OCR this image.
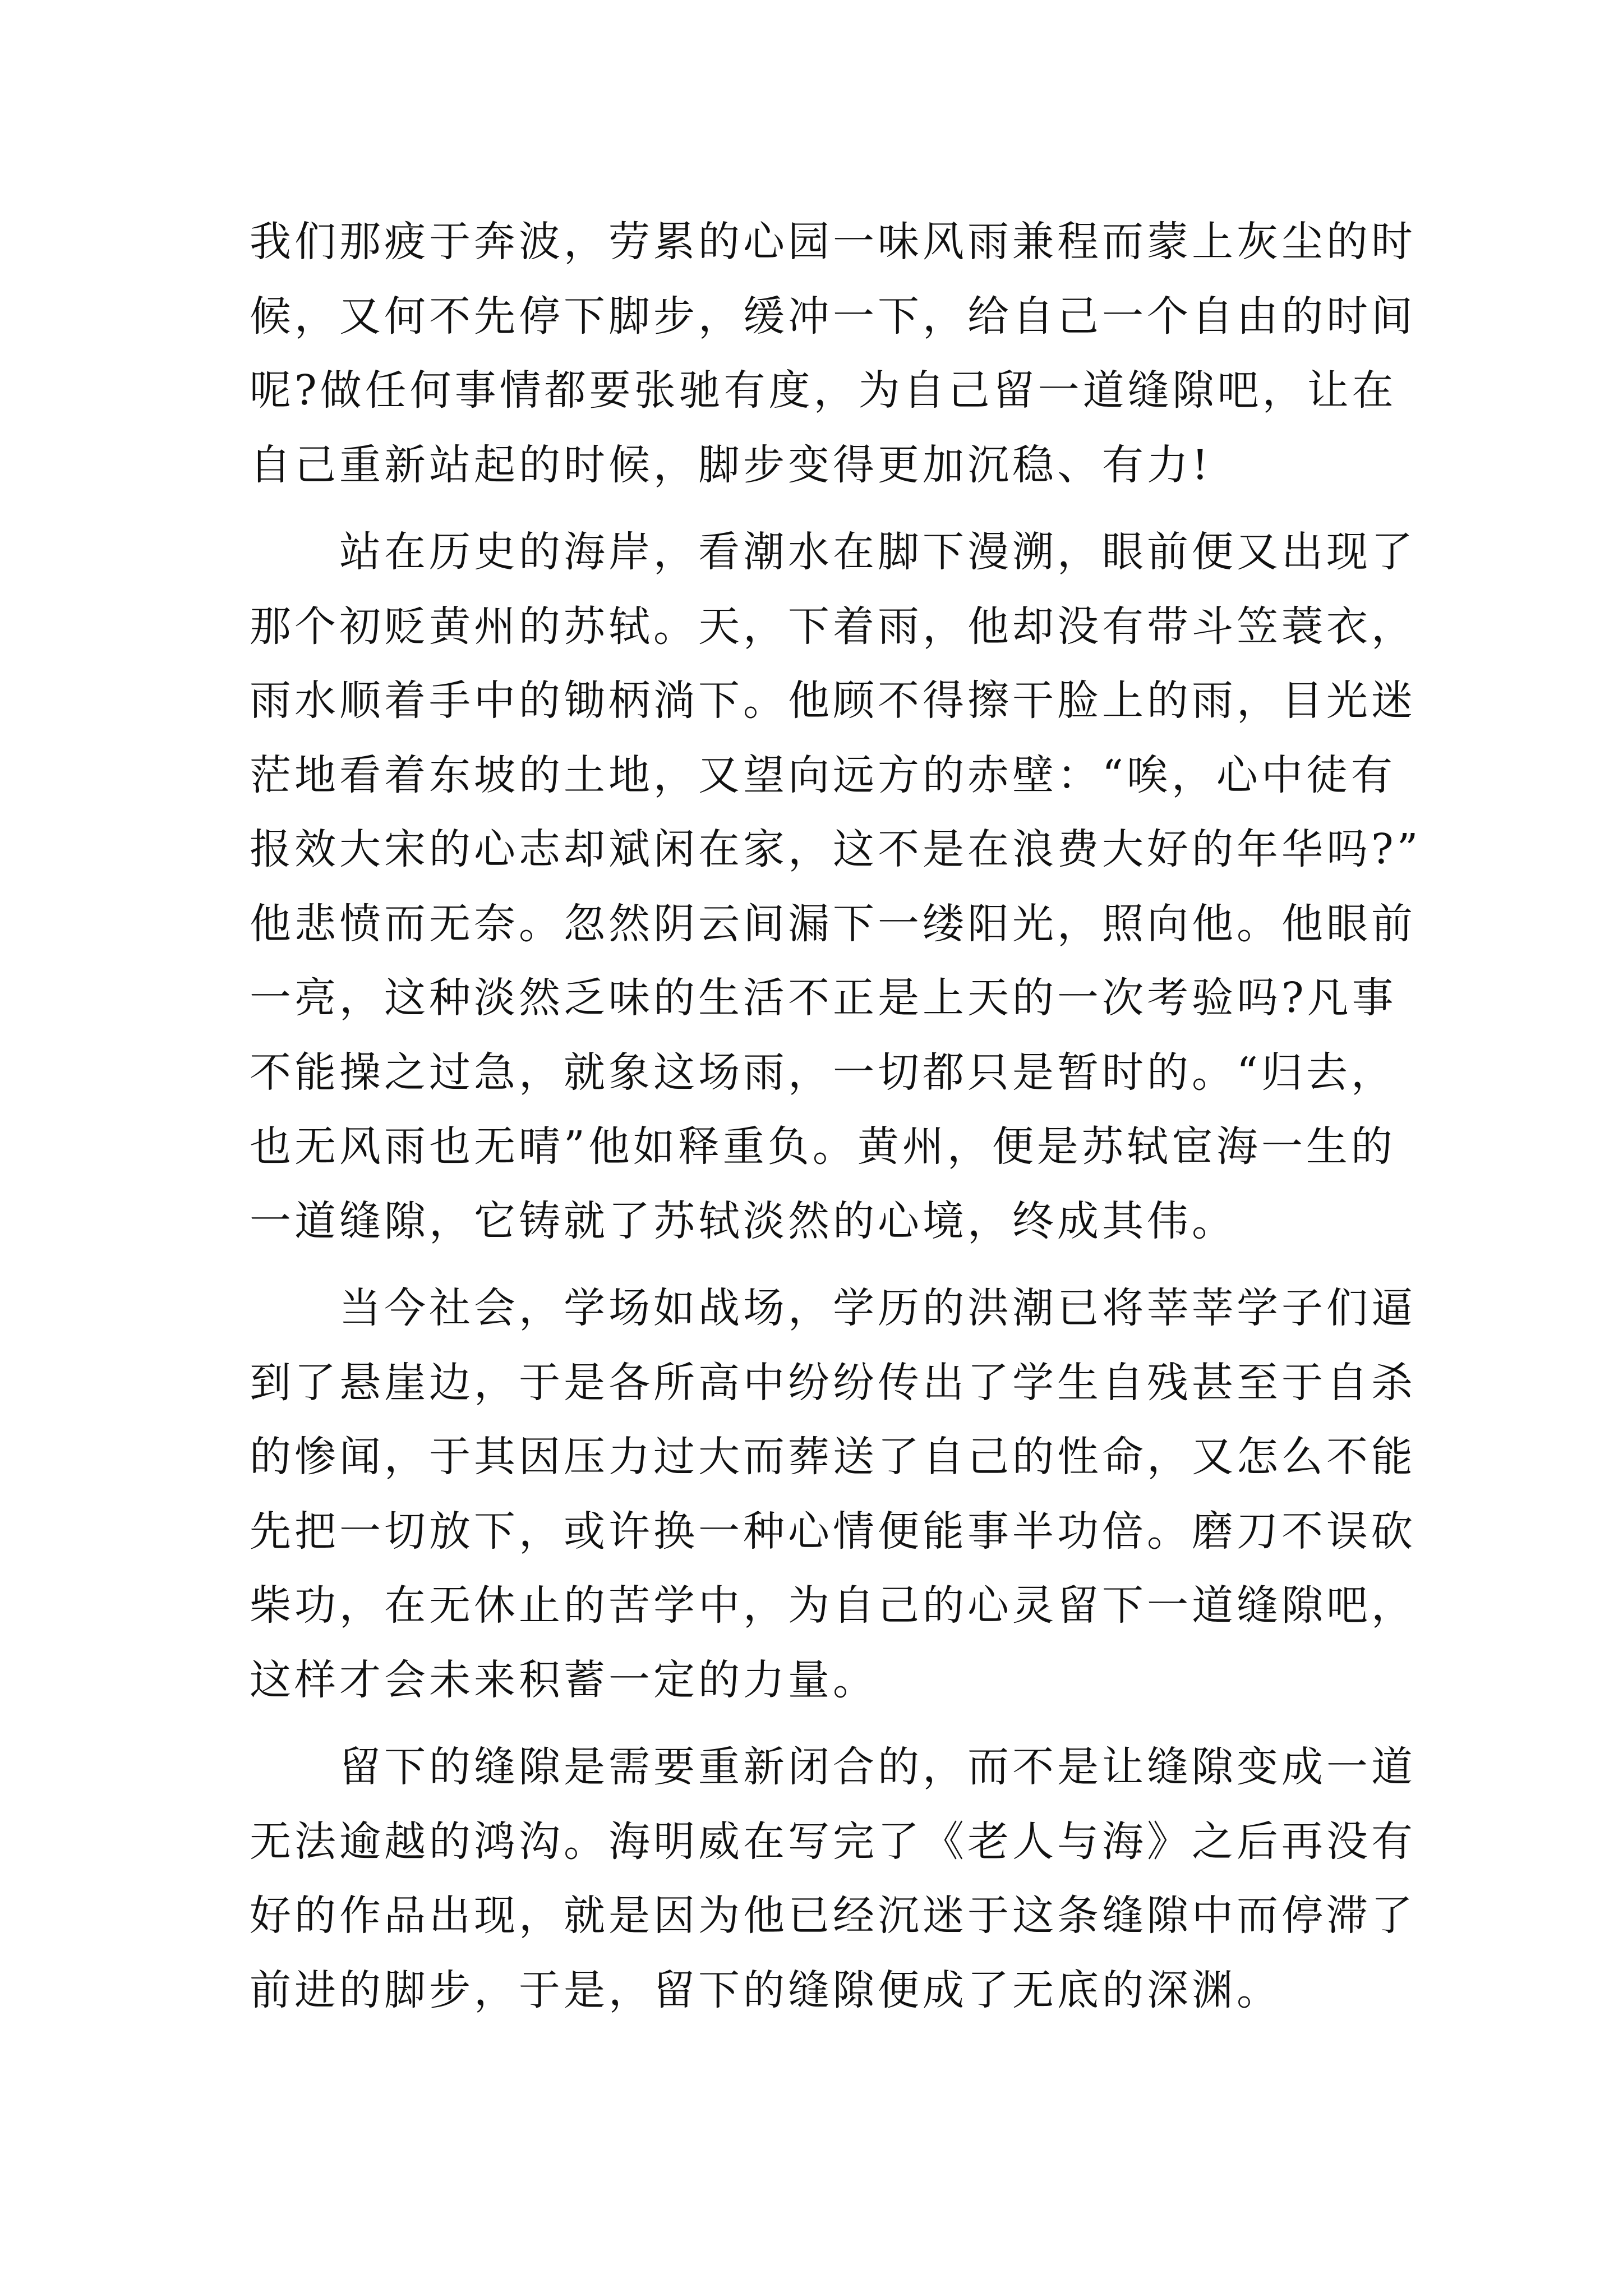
我们那疲于奔波，劳累的心园一味风雨兼程而蒙上灰尘的时
候，又何不先停下脚步，缓冲一下，给自己一个自由的时间
呢?做任何事情都要张驰有度，为自己留一道缝隙吧，让在
自己重新站起的时候，脚步变得更加沉稳、有力!

站在历史的海岸，看潮水在脚下漫溯，眼前便又出现了
那个初贬黄州的苏轼。天，下着雨，他却没有带斗笠蓑衣，
雨水顺着手中的锄柄淌下。他顾不得擦干脸上的雨，目光迷
茫地看着东坡的土地，又望向远方的赤壁：“唉，心中徒有
报效大宋的心志却斌闲在家，这不是在浪费大好的年华吗?”
他悲愤而无奈。忽然阴云间漏下一缕阳光，照向他。他眼前
一亮，这种淡然乏味的生活不正是上天的一次考验吗?凡事
不能操之过急，就象这场雨，一切都只是暂时的。“归去，
也无风雨也无晴”他如释重负。黄州，便是苏轼宦海一生的
一道缝隙，它铸就了苏轼淡然的心境，终成其伟。

当今社会，学场如战场，学历的洪潮已将莘莘学子们逼
到了悬崖边，于是各所高中纷纷传出了学生自残甚至于自杀
的惨闻，于其因压力过大而葬送了自己的性命，又怎么不能
先把一切放下，或许换一种心情便能事半功倍。磨刀不误砍
柴功，在无休止的苦学中，为自己的心灵留下一道缝隙吧，
这样才会未来积蓄一定的力量。

留下的缝隙是需要重新闭合的，而不是让缝隙变成一道
无法逾越的鸿沟。海明威在写完了《老人与海》之后再没有
好的作品出现，就是因为他已经沉迷于这条缝隙中而停滞了
前进的脚步，于是，留下的缝隙便成了无底的深渊。
